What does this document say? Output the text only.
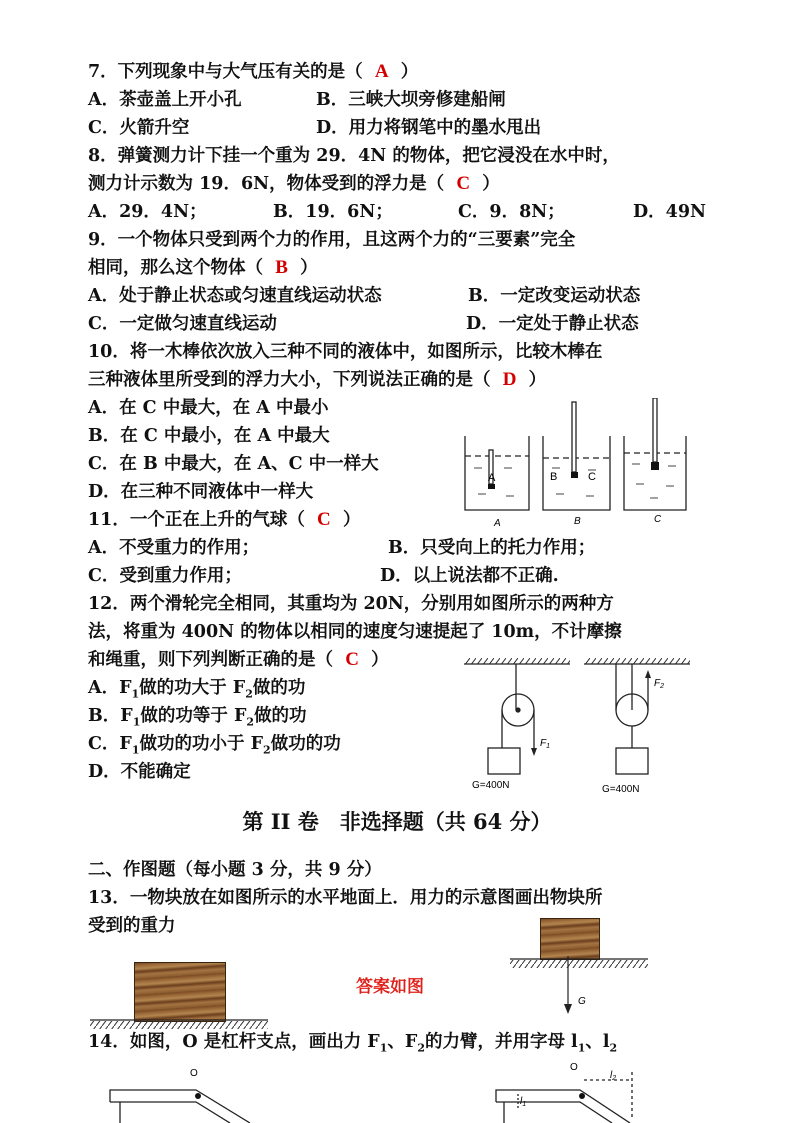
7．下列现象中与大气压有关的是（ A ）
A．茶壶盖上开小孔	B．三峡大坝旁修建船闸
C．火箭升空	D．用力将钢笔中的墨水甩出
8．弹簧测力计下挂一个重为 29．4N 的物体，把它浸没在水中时，
测力计示数为 19．6N，物体受到的浮力是（ C ）
A．29．4N；	B．19．6N；	C．9．8N；	D．49N
9．一个物体只受到两个力的作用，且这两个力的“三要素”完全
相同，那么这个物体（ B ）
A．处于静止状态或匀速直线运动状态	B．一定改变运动状态
C．一定做匀速直线运动	D．一定处于静止状态
10．将一木棒依次放入三种不同的液体中，如图所示，比较木棒在
三种液体里所受到的浮力大小，下列说法正确的是（ D ）
A．在 C 中最大，在 A 中最小
B．在 C 中最小，在 A 中最大
C．在 B 中最大，在 A、C 中一样大
D．在三种不同液体中一样大
A	B	C
A	B	C
11．一个正在上升的气球（ C ）
A．不受重力的作用；	B．只受向上的托力作用；
C．受到重力作用；	D．以上说法都不正确.
12．两个滑轮完全相同，其重均为 20N，分别用如图所示的两种方
法，将重为 400N 的物体以相同的速度匀速提起了 10m，不计摩擦
和绳重，则下列判断正确的是（ C ）
A．$F_1$做的功大于 $F_2$做的功
B．$F_1$做的功等于 $F_2$做的功
C．$F_1$做功的功小于 $F_2$做功的功
D．不能确定
$F_1$
$F_2$
G=400N	G=400N
第 II 卷　非选择题（共 64 分）
二、作图题（每小题 3 分，共 9 分）
13．一物块放在如图所示的水平地面上．用力的示意图画出物块所
受到的重力
答案如图
G
14．如图，O 是杠杆支点，画出力 $F_1$、$F_2$的力臂，并用字母 $l_1$、$l_2$
O
O
$l_1$
$l_2$
